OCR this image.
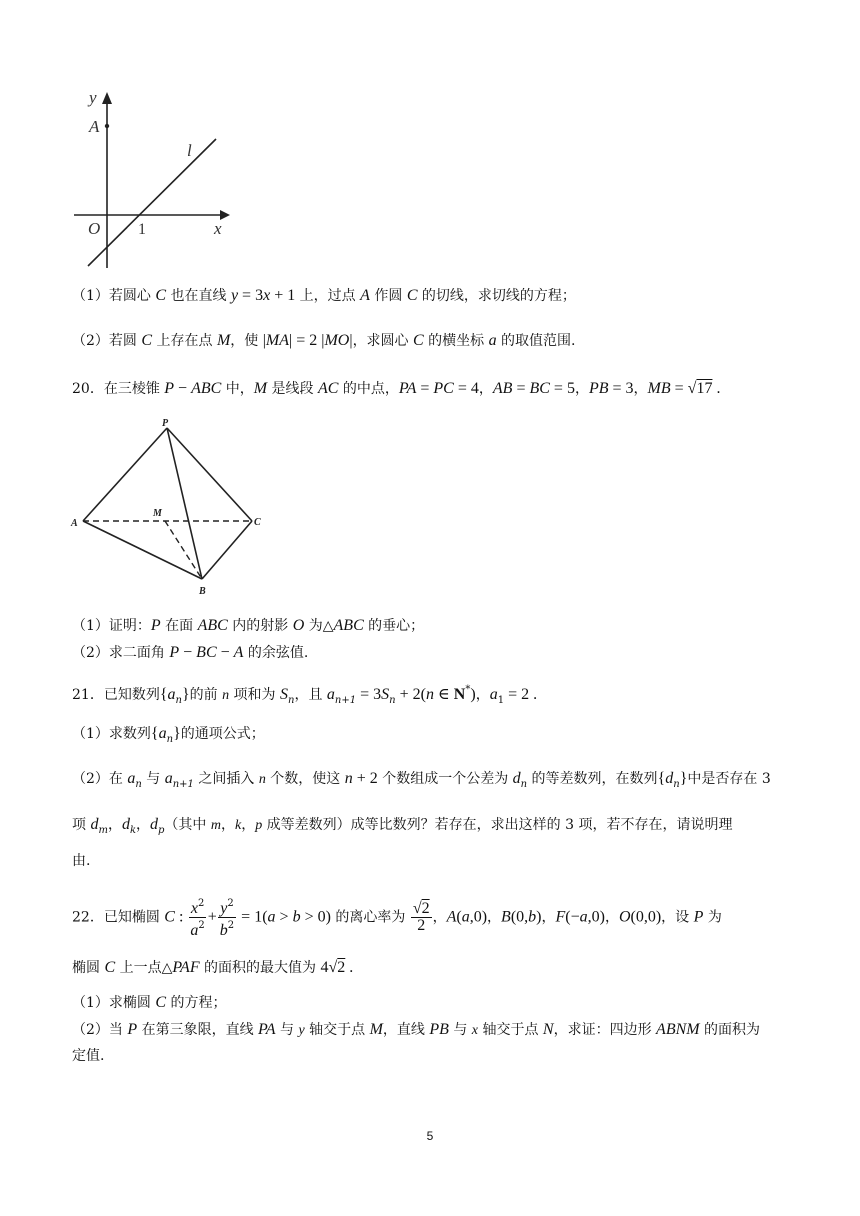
y
A
l
O 1	x
（1）若圆心 C 也在直线 y = 3x + 1 上，过点 A 作圆 C 的切线，求切线的方程；
（2）若圆 C 上存在点 M，使 |MA| = 2 |MO|，求圆心 C 的横坐标 a 的取值范围.
20．在三棱锥 P − ABC 中，M 是线段 AC 的中点，PA = PC = 4，AB = BC = 5，PB = 3，MB = √17 .
P
A
M
C
B
（1）证明：P 在面 ABC 内的射影 O 为△ABC 的垂心；
（2）求二面角 P − BC − A 的余弦值.
21．已知数列$\{a_n\}$的前 n 项和为 $S_n$，且 $a_{n+1} = 3S_n + 2(n$ ∈ N*)，$a_1 = 2$ .
（1）求数列$\{a_n\}$的通项公式；
（2）在 $a_n$ 与 $a_{n+1}$ 之间插入 n 个数，使这 n + 2 个数组成一个公差为 $d_n$ 的等差数列，在数列$\{d_n\}$中是否存在 3
项 $d_m$，$d_k$，$d_p$（其中 m，k，p 成等差数列）成等比数列？若存在，求出这样的 3 项，若不存在，请说明理
由.
22．已知椭圆 C : $\frac{x^2}{a^2} + \frac{y^2}{b^2} = 1(a > b > 0)$ 的离心率为 $\frac{√2}{2}$ ，A(a,0)，B(0,b)，F(−a,0)，O(0,0)，设 P 为
椭圆 C 上一点△PAF 的面积的最大值为 4√2 .
（1）求椭圆 C 的方程；
（2）当 P 在第三象限，直线 PA 与 y 轴交于点 M，直线 PB 与 x 轴交于点 N，求证：四边形 ABNM 的面积为
定值.
5
